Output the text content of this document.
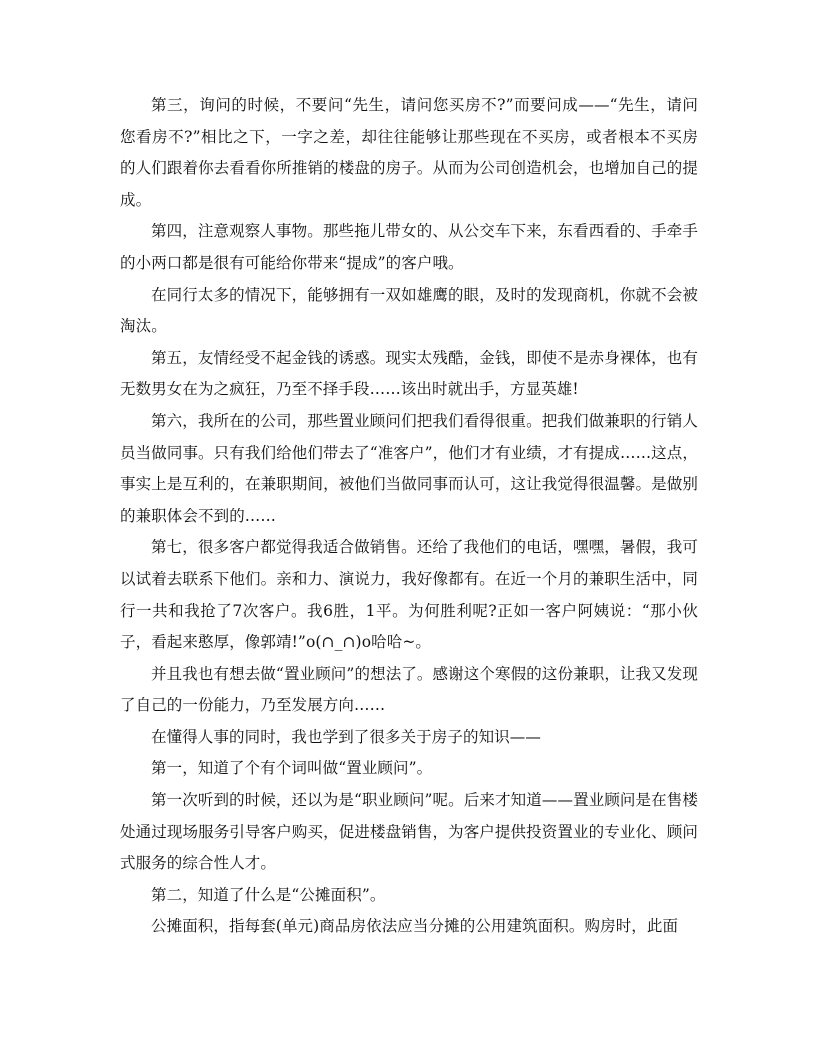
第三，询问的时候，不要问“先生，请问您买房不?”而要问成——“先生，请问您看房不?”相比之下，一字之差，却往往能够让那些现在不买房，或者根本不买房的人们跟着你去看看你所推销的楼盘的房子。从而为公司创造机会，也增加自己的提成。

第四，注意观察人事物。那些拖儿带女的、从公交车下来，东看西看的、手牵手的小两口都是很有可能给你带来“提成”的客户哦。

在同行太多的情况下，能够拥有一双如雄鹰的眼，及时的发现商机，你就不会被淘汰。

第五，友情经受不起金钱的诱惑。现实太残酷，金钱，即使不是赤身裸体，也有无数男女在为之疯狂，乃至不择手段……该出时就出手，方显英雄!

第六，我所在的公司，那些置业顾问们把我们看得很重。把我们做兼职的行销人员当做同事。只有我们给他们带去了“准客户”，他们才有业绩，才有提成……这点，事实上是互利的，在兼职期间，被他们当做同事而认可，这让我觉得很温馨。是做别的兼职体会不到的……

第七，很多客户都觉得我适合做销售。还给了我他们的电话，嘿嘿，暑假，我可以试着去联系下他们。亲和力、演说力，我好像都有。在近一个月的兼职生活中，同行一共和我抢了7次客户。我6胜，1平。为何胜利呢?正如一客户阿姨说：“那小伙子，看起来憨厚，像郭靖!”o(∩_∩)o哈哈~。

并且我也有想去做“置业顾问”的想法了。感谢这个寒假的这份兼职，让我又发现了自己的一份能力，乃至发展方向……

在懂得人事的同时，我也学到了很多关于房子的知识——

第一，知道了个有个词叫做“置业顾问”。

第一次听到的时候，还以为是“职业顾问”呢。后来才知道——置业顾问是在售楼处通过现场服务引导客户购买，促进楼盘销售，为客户提供投资置业的专业化、顾问式服务的综合性人才。

第二，知道了什么是“公摊面积”。

公摊面积，指每套(单元)商品房依法应当分摊的公用建筑面积。购房时，此面
